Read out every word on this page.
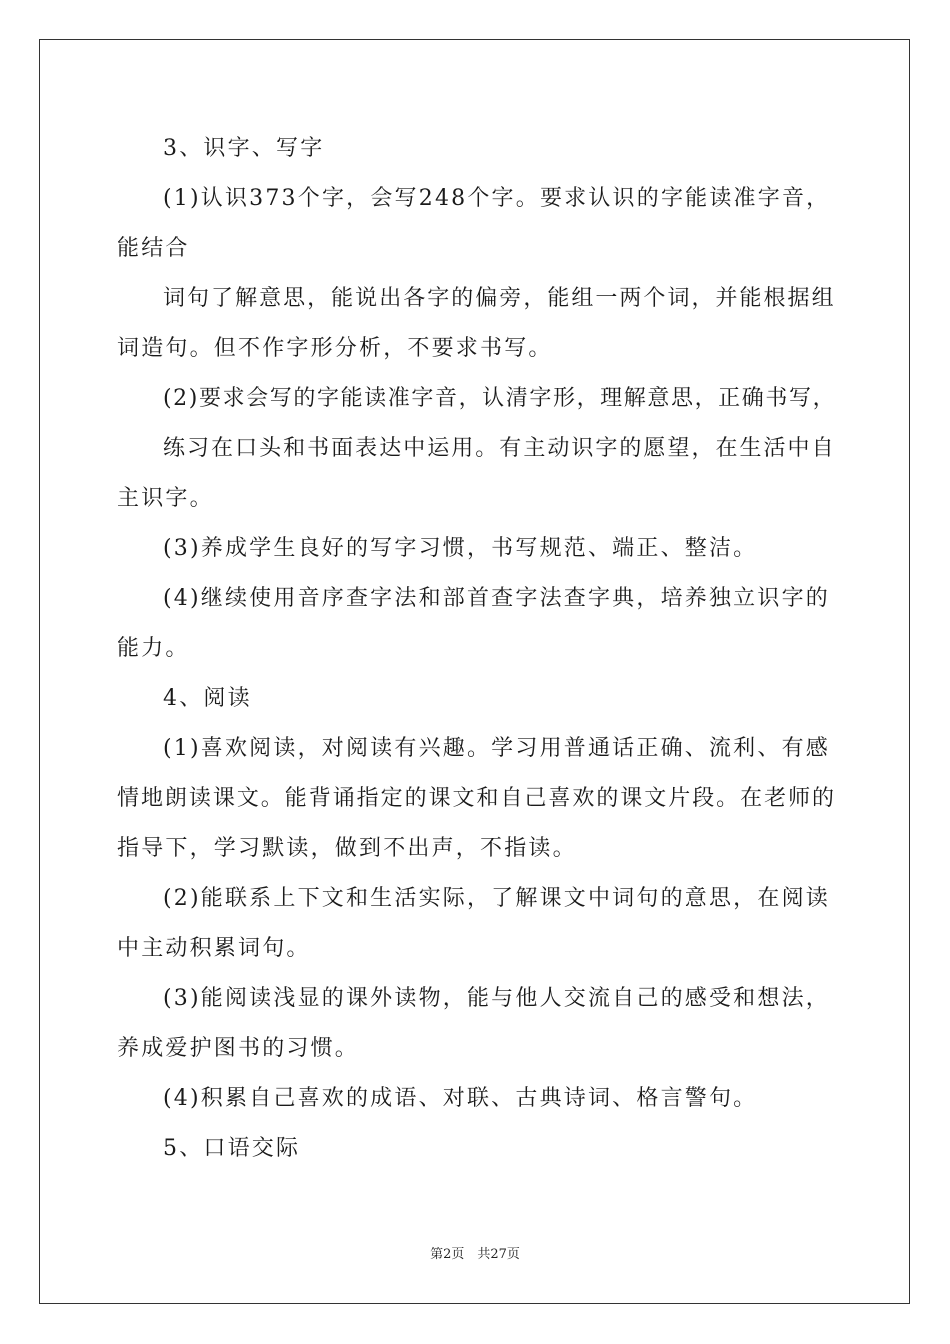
3、识字、写字
(1)认识373个字，会写248个字。要求认识的字能读准字音，
能结合
词句了解意思，能说出各字的偏旁，能组一两个词，并能根据组
词造句。但不作字形分析，不要求书写。
(2)要求会写的字能读准字音，认清字形，理解意思，正确书写，
练习在口头和书面表达中运用。有主动识字的愿望，在生活中自
主识字。
(3)养成学生良好的写字习惯，书写规范、端正、整洁。
(4)继续使用音序查字法和部首查字法查字典，培养独立识字的
能力。
4、阅读
(1)喜欢阅读，对阅读有兴趣。学习用普通话正确、流利、有感
情地朗读课文。能背诵指定的课文和自己喜欢的课文片段。在老师的
指导下，学习默读，做到不出声，不指读。
(2)能联系上下文和生活实际，了解课文中词句的意思，在阅读
中主动积累词句。
(3)能阅读浅显的课外读物，能与他人交流自己的感受和想法，
养成爱护图书的习惯。
(4)积累自己喜欢的成语、对联、古典诗词、格言警句。
5、口语交际
第2页　共27页
